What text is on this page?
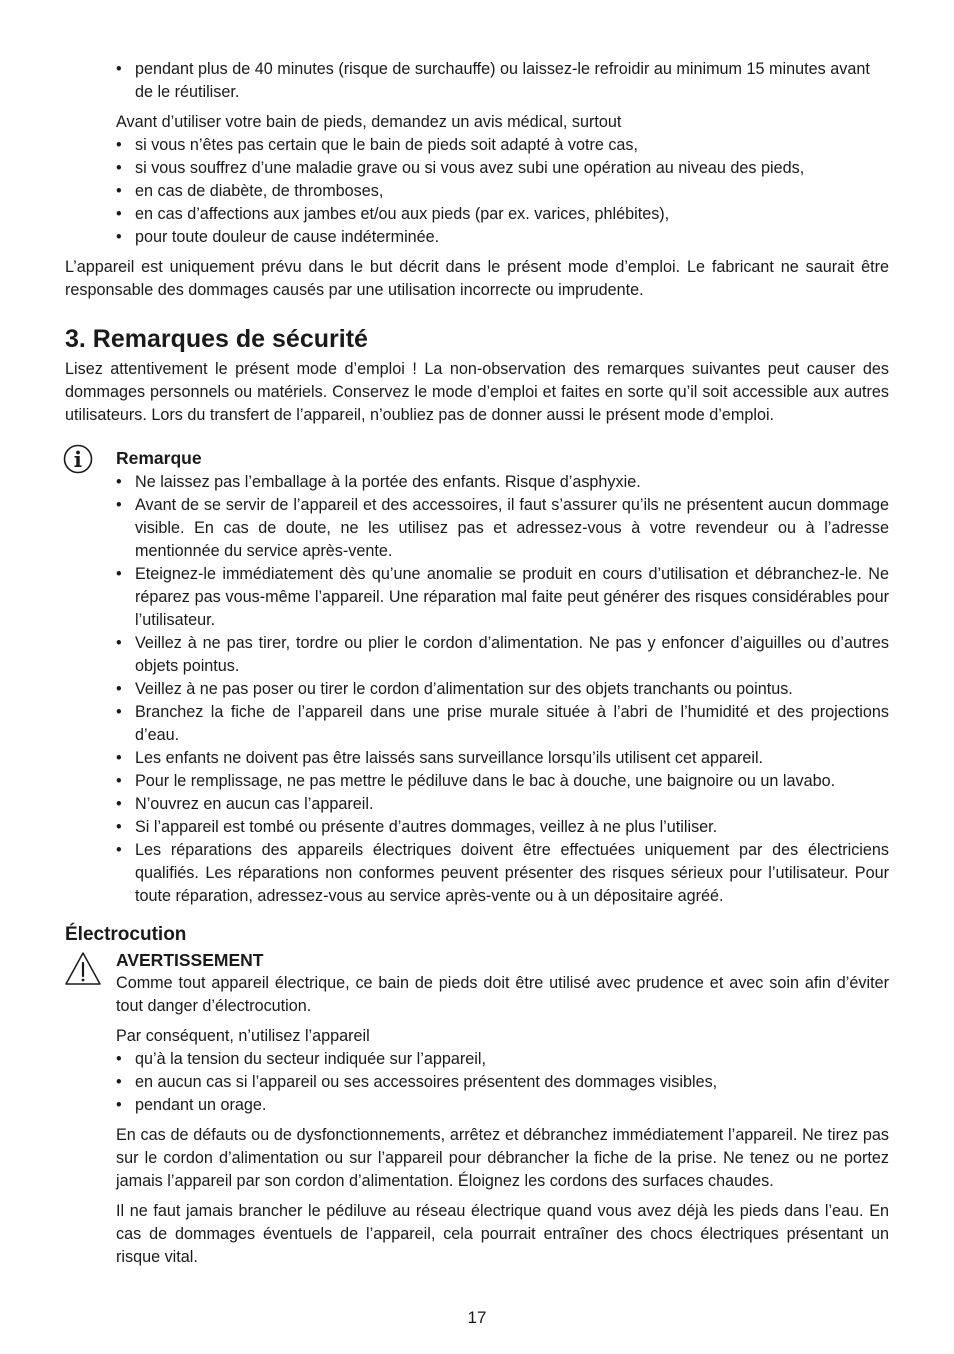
• pendant plus de 40 minutes (risque de surchauffe) ou laissez-le refroidir au minimum 15 minutes avant de le réutiliser.

Avant d’utiliser votre bain de pieds, demandez un avis médical, surtout

• si vous n’êtes pas certain que le bain de pieds soit adapté à votre cas,
• si vous souffrez d’une maladie grave ou si vous avez subi une opération au niveau des pieds,
• en cas de diabète, de thromboses,
• en cas d’affections aux jambes et/ou aux pieds (par ex. varices, phlébites),
• pour toute douleur de cause indéterminée.

L’appareil est uniquement prévu dans le but décrit dans le présent mode d’emploi. Le fabricant ne saurait être responsable des dommages causés par une utilisation incorrecte ou imprudente.

3. Remarques de sécurité

Lisez attentivement le présent mode d’emploi ! La non-observation des remarques suivantes peut causer des dommages personnels ou matériels. Conservez le mode d’emploi et faites en sorte qu’il soit accessible aux autres utilisateurs. Lors du transfert de l’appareil, n’oubliez pas de donner aussi le présent mode d’emploi.

Remarque
• Ne laissez pas l’emballage à la portée des enfants. Risque d’asphyxie.
• Avant de se servir de l’appareil et des accessoires, il faut s’assurer qu’ils ne présentent aucun dommage visible. En cas de doute, ne les utilisez pas et adressez-vous à votre revendeur ou à l’adresse mentionnée du service après-vente.
• Eteignez-le immédiatement dès qu’une anomalie se produit en cours d’utilisation et débranchez-le. Ne réparez pas vous-même l’appareil. Une réparation mal faite peut générer des risques considérables pour l’utilisateur.
• Veillez à ne pas tirer, tordre ou plier le cordon d’alimentation. Ne pas y enfoncer d’aiguilles ou d’autres objets pointus.
• Veillez à ne pas poser ou tirer le cordon d’alimentation sur des objets tranchants ou pointus.
• Branchez la fiche de l’appareil dans une prise murale située à l’abri de l’humidité et des projections d’eau.
• Les enfants ne doivent pas être laissés sans surveillance lorsqu’ils utilisent cet appareil.
• Pour le remplissage, ne pas mettre le pédiluve dans le bac à douche, une baignoire ou un lavabo.
• N’ouvrez en aucun cas l’appareil.
• Si l’appareil est tombé ou présente d’autres dommages, veillez à ne plus l’utiliser.
• Les réparations des appareils électriques doivent être effectuées uniquement par des électriciens qualifiés. Les réparations non conformes peuvent présenter des risques sérieux pour l’utilisateur. Pour toute réparation, adressez-vous au service après-vente ou à un dépositaire agréé.
Électrocution
AVERTISSEMENT

Comme tout appareil électrique, ce bain de pieds doit être utilisé avec prudence et avec soin afin d’éviter tout danger d’électrocution.

Par conséquent, n’utilisez l’appareil

• qu’à la tension du secteur indiquée sur l’appareil,
• en aucun cas si l’appareil ou ses accessoires présentent des dommages visibles,
• pendant un orage.

En cas de défauts ou de dysfonctionnements, arrêtez et débranchez immédiatement l’appareil. Ne tirez pas sur le cordon d’alimentation ou sur l’appareil pour débrancher la fiche de la prise. Ne tenez ou ne portez jamais l’appareil par son cordon d’alimentation. Éloignez les cordons des surfaces chaudes.

Il ne faut jamais brancher le pédiluve au réseau électrique quand vous avez déjà les pieds dans l’eau. En cas de dommages éventuels de l’appareil, cela pourrait entraîner des chocs électriques présentant un risque vital.

17
